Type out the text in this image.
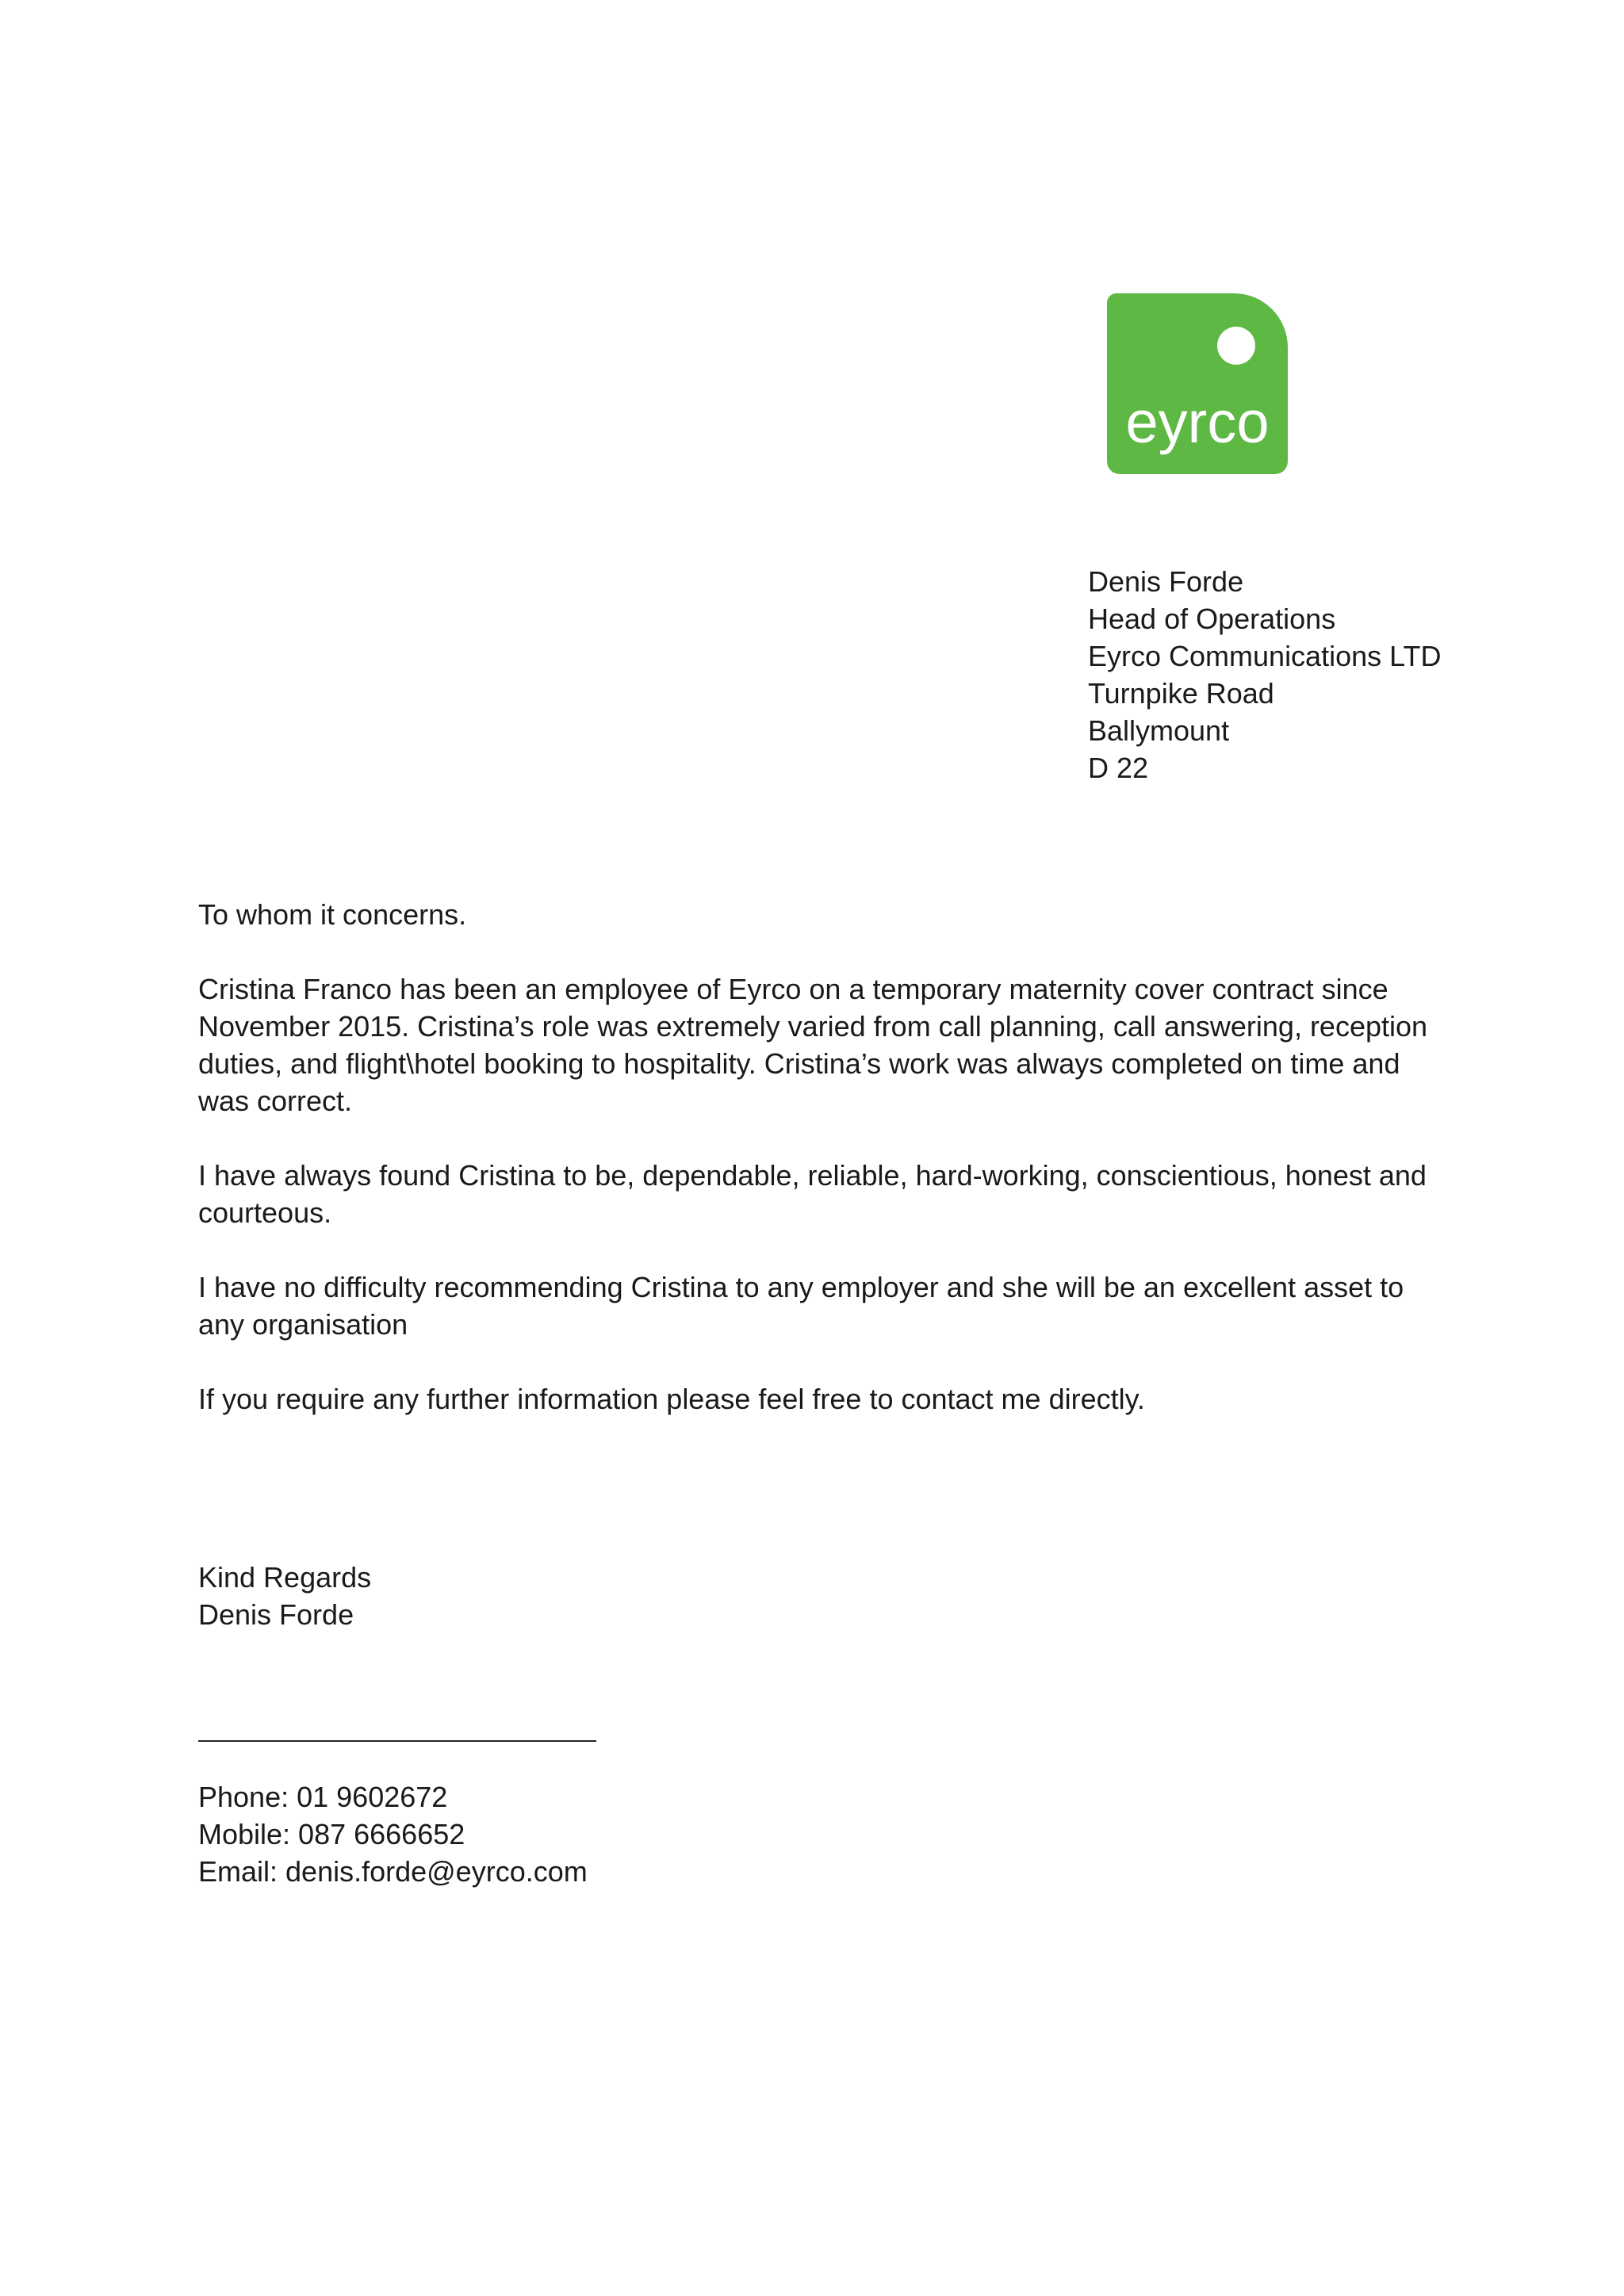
eyrco
Denis Forde
Head of Operations
Eyrco Communications LTD
Turnpike Road
Ballymount
D 22

To whom it concerns.

Cristina Franco has been an employee of Eyrco on a temporary maternity cover contract since November 2015. Cristina’s role was extremely varied from call planning, call answering, reception duties, and flight\hotel booking to hospitality. Cristina’s work was always completed on time and was correct.

I have always found Cristina to be, dependable, reliable, hard-working, conscientious, honest and courteous.

I have no difficulty recommending Cristina to any employer and she will be an excellent asset to any organisation

If you require any further information please feel free to contact me directly.

Kind Regards
Denis Forde
Phone: 01 9602672
Mobile: 087 6666652
Email: denis.forde@eyrco.com
